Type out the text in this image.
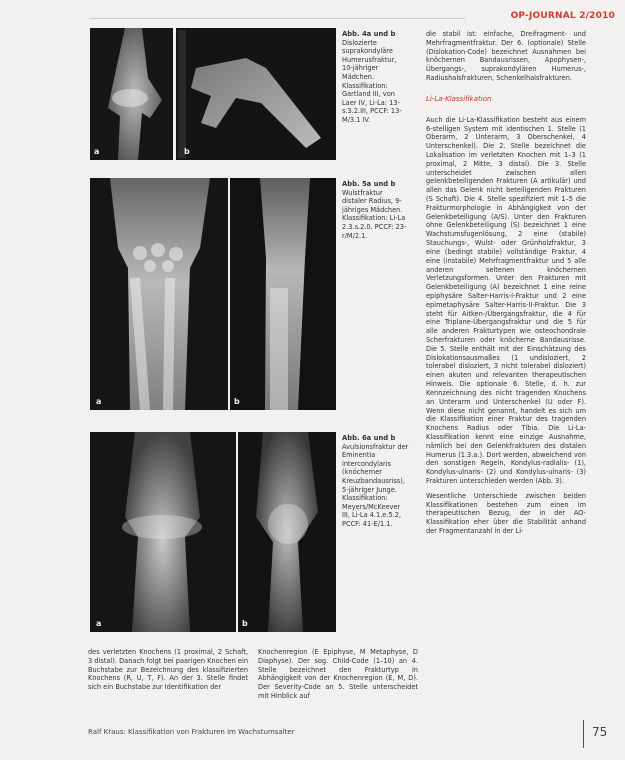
OP-JOURNAL 2/2010
a	b
Abb. 4a und b
Dislozierte suprakondyläre Humerusfraktur, 10-jähriger Mädchen. Klassifikation: Gartland III, von Laer IV, Li-La: 13-s.3.2.III, PCCF: 13-M/3.1 IV.
a	b
Abb. 5a und b
Wulstfraktur distaler Radius, 9-jähriges Mädchen. Klassifikation: Li-La 2.3.s.2.0. PCCF: 23-r/M/2.1.
a	b
Abb. 6a und b
Avulsionsfraktur der Eminentia intercondylaris (knöcherner Kreuzbandausriss), 5-jähriger Junge. Klassifikation: Meyers/McKeever III, Li-La 4.1.e.5.2, PCCF: 41-E/1.1.

die stabil ist: einfache, Dreifragment- und Mehrfragmentfraktur. Der 6. (optionale) Stelle (Dislokation-Code) bezeichnet Ausnahmen bei knöchernen Bandausrissen, Apophysen-, Übergangs-, suprakondylären Humerus-, Radiushalsfrakturen, Schenkelhalsfrakturen.

Li-La-Klassifikation

Auch die Li-La-Klassifikation besteht aus einem 6-stelligen System mit identischen 1. Stelle (1 Oberarm, 2 Unterarm, 3 Oberschenkel, 4 Unterschenkel). Die 2. Stelle bezeichnet die Lokalisation im verletzten Knochen mit 1–3 (1 proximal, 2 Mitte, 3 distal). Die 3. Stelle unterscheidet zwischen allen gelenkbeteiligenden Frakturen (A artikulär) und allen das Gelenk nicht beteiligenden Frakturen (S Schaft). Die 4. Stelle spezifiziert mit 1–5 die Frakturmorphologie in Abhängigkeit von der Gelenkbeteiligung (A/S). Unter den Frakturen ohne Gelenkbeteiligung (S) bezeichnet 1 eine Wachstumsfugenlösung, 2 eine (stabile) Stauchungs-, Wulst- oder Grünholzfraktur, 3 eine (bedingt stabile) vollständige Fraktur, 4 eine (instabile) Mehrfragmentfraktur und 5 alle anderen seltenen knöchernen Verletzungsformen. Unter den Frakturen mit Gelenkbeteiligung (A) bezeichnet 1 eine reine epiphysäre Salter-Harris-I-Fraktur und 2 eine epimetaphysäre Salter-Harris-II-Fraktur. Die 3 steht für Aitken-/Übergangsfraktur, die 4 für eine Triplane-Übergangsfraktur und die 5 für alle anderen Frakturtypen wie osteochondrale Scherfrakturen oder knöcherne Bandausrisse. Die 5. Stelle enthält mit der Einschätzung des Dislokationsausmaßes (1 undisloziert, 2 tolerabel disloziert, 3 nicht tolerabel disloziert) einen akuten und relevanten therapeutischen Hinweis. Die optionale 6. Stelle, d. h. zur Kennzeichnung des nicht tragenden Knochens an Unterarm und Unterschenkel (U oder F). Wenn diese nicht genannt, handelt es sich um die Klassifikation einer Fraktur des tragenden Knochens Radius oder Tibia. Die Li-La-Klassifikation kennt eine einzige Ausnahme, nämlich bei den Gelenkfrakturen des distalen Humerus (1.3.a.). Dort werden, abweichend von den sonstigen Regeln, Kondylus-radialis- (1), Kondylus-ulnaris- (2) und Kondylus-ulnaris- (3) Frakturen unterschieden werden (Abb. 3).

Wesentliche Unterschiede zwischen beiden Klassifikationen bestehen zum einen im therapeutischen Bezug, der in der AO-Klassifikation eher über die Stabilität anhand der Fragmentanzahl in der Li-

des verletzten Knochens (1 proximal, 2 Schaft, 3 distal). Danach folgt bei paarigen Knochen ein Buchstabe zur Bezeichnung des klassifizierten Knochens (R, U, T, F). An der 3. Stelle findet sich ein Buchstabe zur Identifikation der
Knochenregion (E Epiphyse, M Metaphyse, D Diaphyse). Der sog. Child-Code (1–10) an 4. Stelle bezeichnet den Frakturtyp in Abhängigkeit von der Knochenregion (E, M, D). Der Severity-Code an 5. Stelle unterscheidet mit Hinblick auf
Ralf Kraus: Klassifikation von Frakturen im Wachstumsalter	75
